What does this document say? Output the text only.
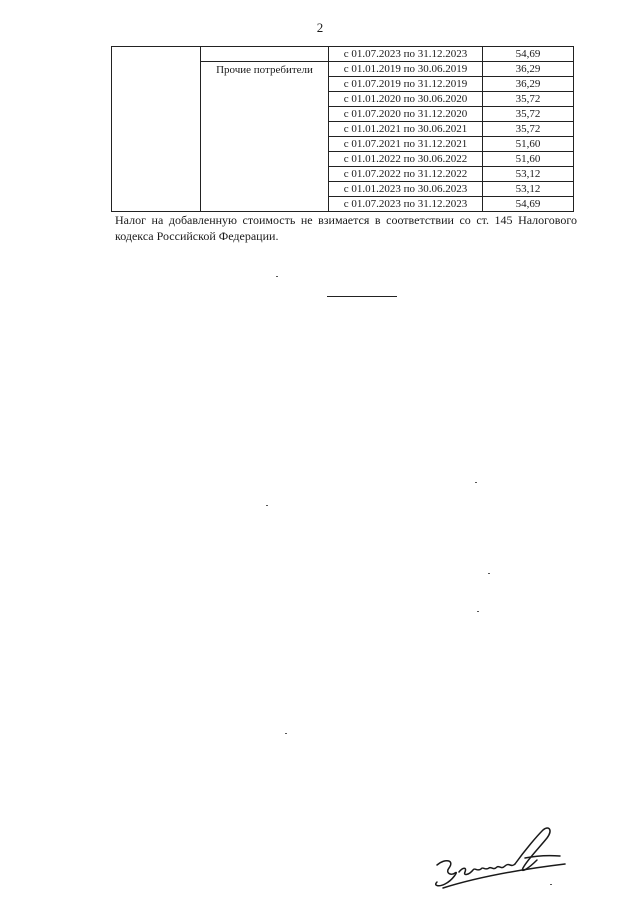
2
		с 01.07.2023 по 31.12.2023	54,69

	Прочие потребители	с 01.01.2019 по 30.06.2019	36,29
		с 01.07.2019 по 31.12.2019	36,29
		с 01.01.2020 по 30.06.2020	35,72
		с 01.07.2020 по 31.12.2020	35,72
		с 01.01.2021 по 30.06.2021	35,72
		с 01.07.2021 по 31.12.2021	51,60
		с 01.01.2022 по 30.06.2022	51,60
		с 01.07.2022 по 31.12.2022	53,12
		с 01.01.2023 по 30.06.2023	53,12
		с 01.07.2023 по 31.12.2023	54,69
Налог на добавленную стоимость не взимается в соответствии со ст. 145 Налогового кодекса Российской Федерации.
